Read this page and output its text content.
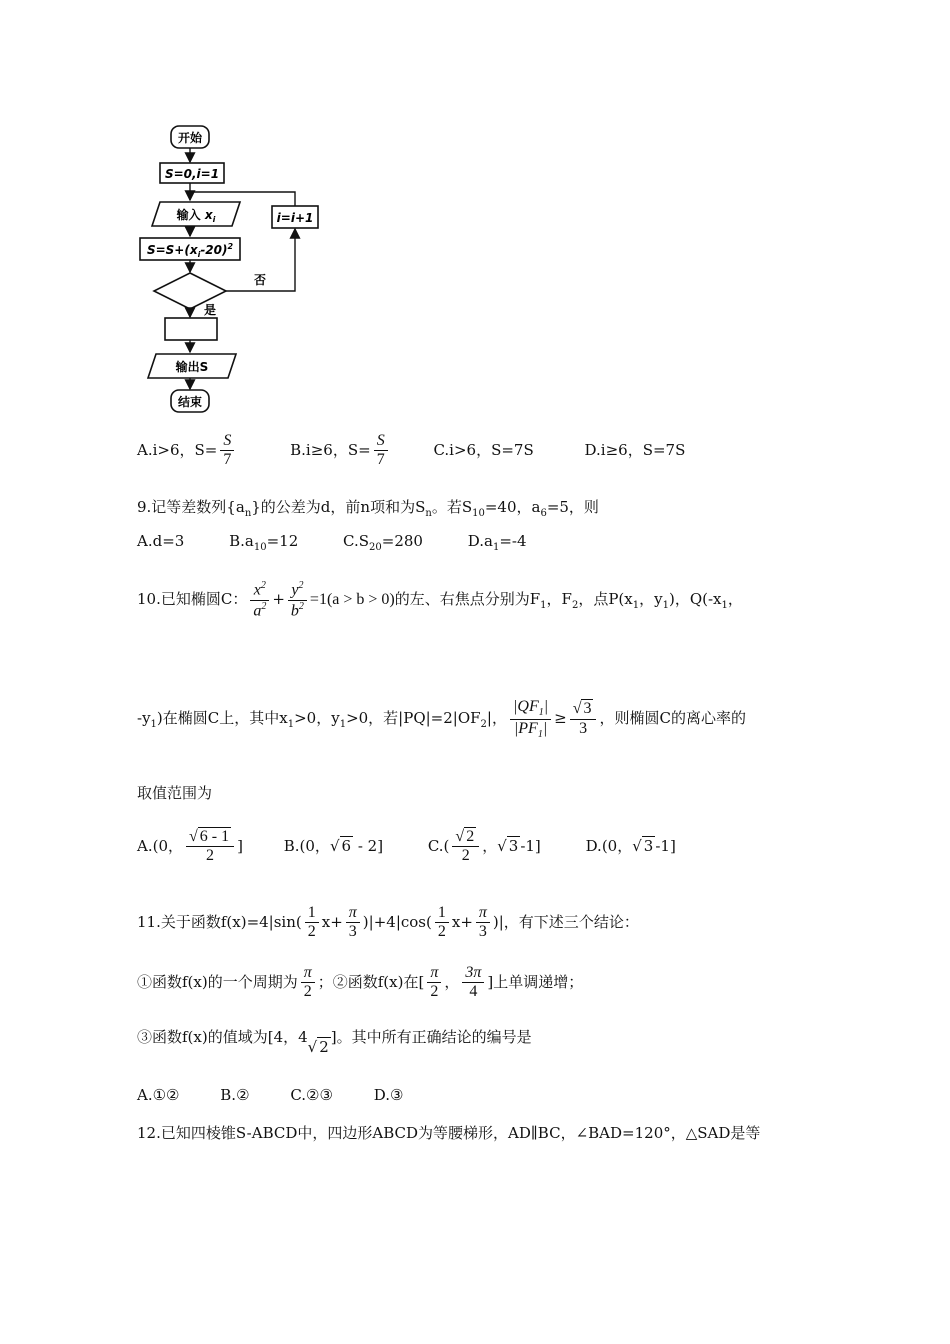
开始
S=0,i=1
输入 $x_i$	i=i+1
$S=S+(x_i-20)^2$
否
是
输出S
结束
A.i>6，$S= \frac{S}{7}$	B.i≥6，$S= \frac{S}{7}$	C.i>6，S=7S	D.i≥6，S=7S
9.记等差数列$\{a_n\}$的公差为d，前n项和为$S_n$。若$S_{10}=40$，$a_6=5$，则
A.d=3	$B.a_{10}=12$	$C.S_{20}=280$	$D.a_1=-4$
10.已知椭圆C： $\frac{x^2}{a^2} + \frac{y^2}{b^2} =1(a > b > 0)$的左、右焦点分别为$F_1$，$F_2$，点$P(x_1$，$y_1$)，$Q(-x_1$，
$-y_1$)在椭圆C上，其中$x_1>0$，$y_1>0$，若$|PQ|=2|OF_2|$， $\frac{|QF_1|}{|PF_1|} \ge \frac{√ 3}{3}$ ，则椭圆C的离心率的
取值范围为
A.(0， $\frac{√ 6 - 1}{2}$ ]	B.(0，√ 6 - 2]	$C.( \frac{√ 2}{2}$ ，√ 3 -1]	D.(0，√ 3 -1]
11.关于函数$f(x)=4|\sin( \frac{1}{2} x+ \frac{\pi}{3} )|+4|\cos( \frac{1}{2} x+ \frac{\pi}{3}$ )|，有下述三个结论：
①函数f(x)的一个周期为 $\frac{\pi}{2}$ ；②函数f(x)在[ $\frac{\pi}{2}$ ， $\frac{3\pi}{4}$ ]上单调递增；
③函数f(x)的值域为[4，4√ 2]。其中所有正确结论的编号是
A.①②	B.②	C.②③	D.③
12.已知四棱锥S-ABCD中，四边形ABCD为等腰梯形，AD∥BC，∠BAD=120°，△SAD是等
